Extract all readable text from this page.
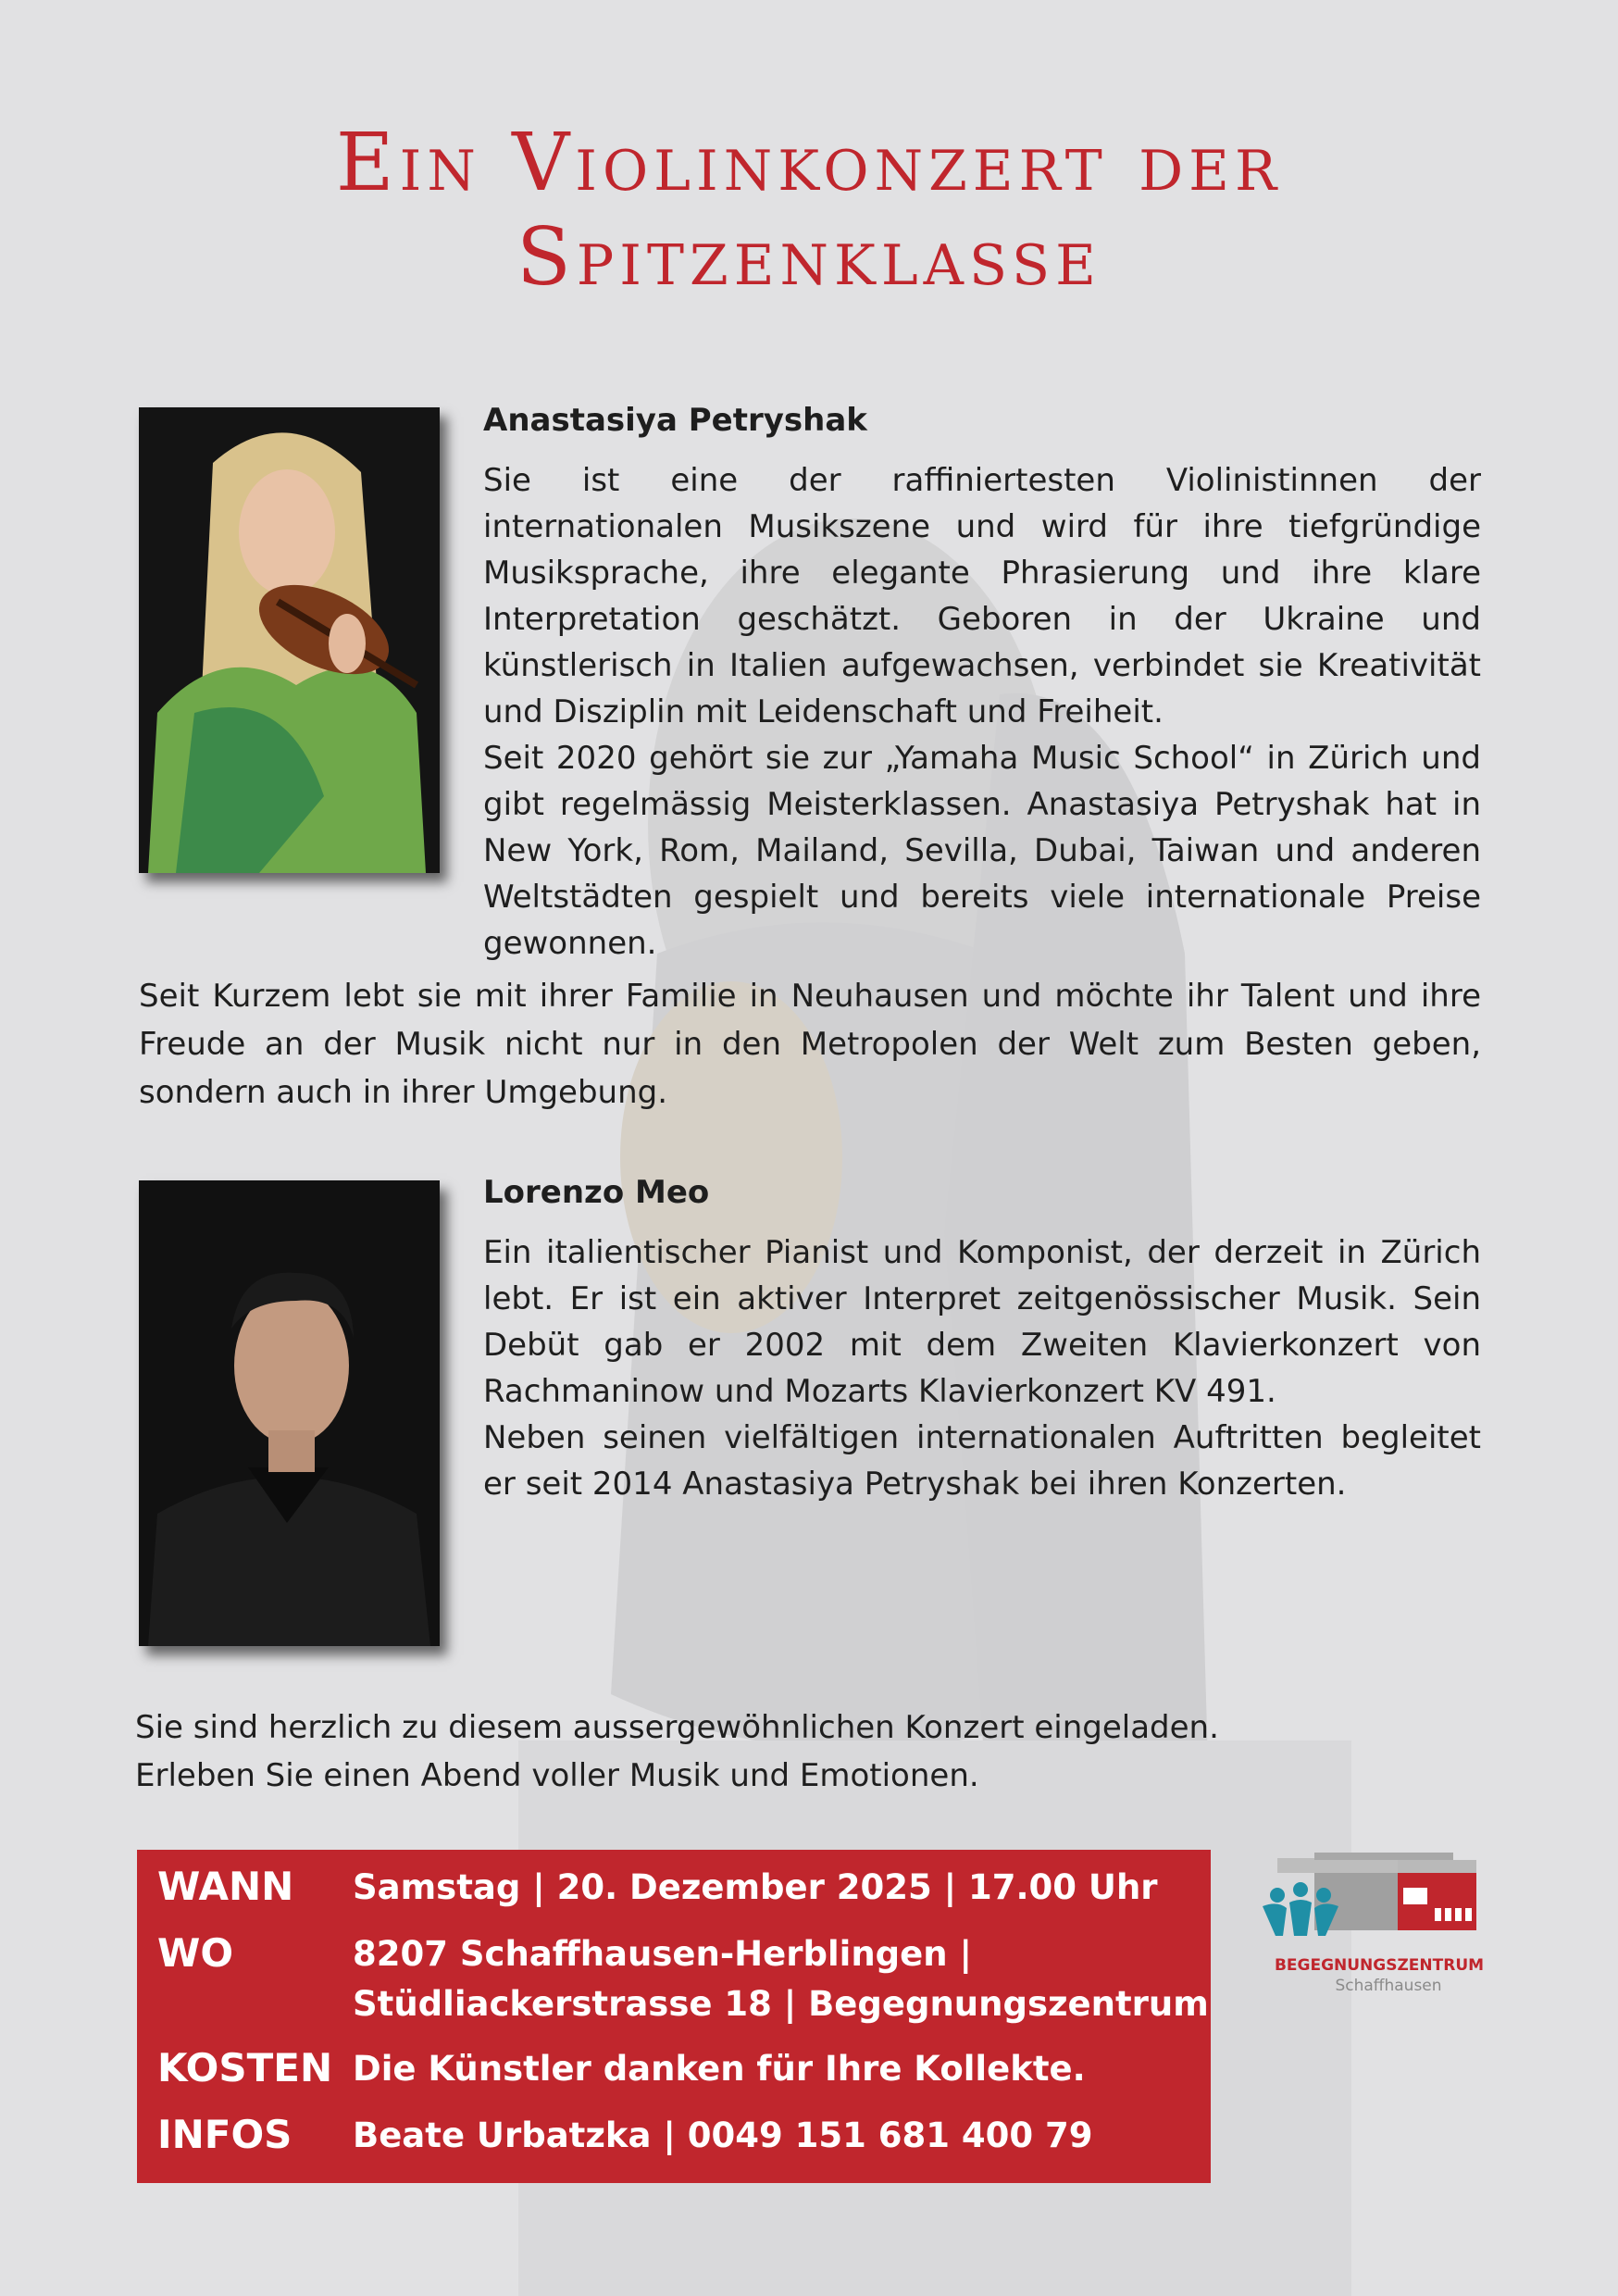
Ein Violinkonzert der
Spitzenklasse
Anastasiya Petryshak

Sie ist eine der raffiniertesten Violinistinnen der internationalen Musikszene und wird für ihre tiefgründige Musiksprache, ihre elegante Phrasierung und ihre klare Interpretation geschätzt. Geboren in der Ukraine und künstlerisch in Italien aufgewachsen, verbindet sie Kreativität und Disziplin mit Leidenschaft und Freiheit.

Seit 2020 gehört sie zur „Yamaha Music School“ in Zürich und gibt regelmässig Meisterklassen. Anastasiya Petryshak hat in New York, Rom, Mailand, Sevilla, Dubai, Taiwan und anderen Weltstädten gespielt und bereits viele internationale Preise gewonnen.

Seit Kurzem lebt sie mit ihrer Familie in Neuhausen und möchte ihr Talent und ihre Freude an der Musik nicht nur in den Metropolen der Welt zum Besten geben, sondern auch in ihrer Umgebung.

Lorenzo Meo

Ein italientischer Pianist und Komponist, der derzeit in Zürich lebt. Er ist ein aktiver Interpret zeitgenössischer Musik. Sein Debüt gab er 2002 mit dem Zweiten Klavierkonzert von Rachmaninow und Mozarts Klavierkonzert KV 491.

Neben seinen vielfältigen internationalen Auftritten begleitet er seit 2014 Anastasiya Petryshak bei ihren Konzerten.

Sie sind herzlich zu diesem aussergewöhnlichen Konzert eingeladen.

Erleben Sie einen Abend voller Musik und Emotionen.

WANN	Samstag | 20. Dezember 2025 | 17.00 Uhr
WO	8207 Schaffhausen-Herblingen |
Stüdliackerstrasse 18 | Begegnungszentrum
KOSTEN Die Künstler danken für Ihre Kollekte.
INFOS	Beate Urbatzka | 0049 151 681 400 79
BEGEGNUNGSZENTRUM
Schaffhausen
